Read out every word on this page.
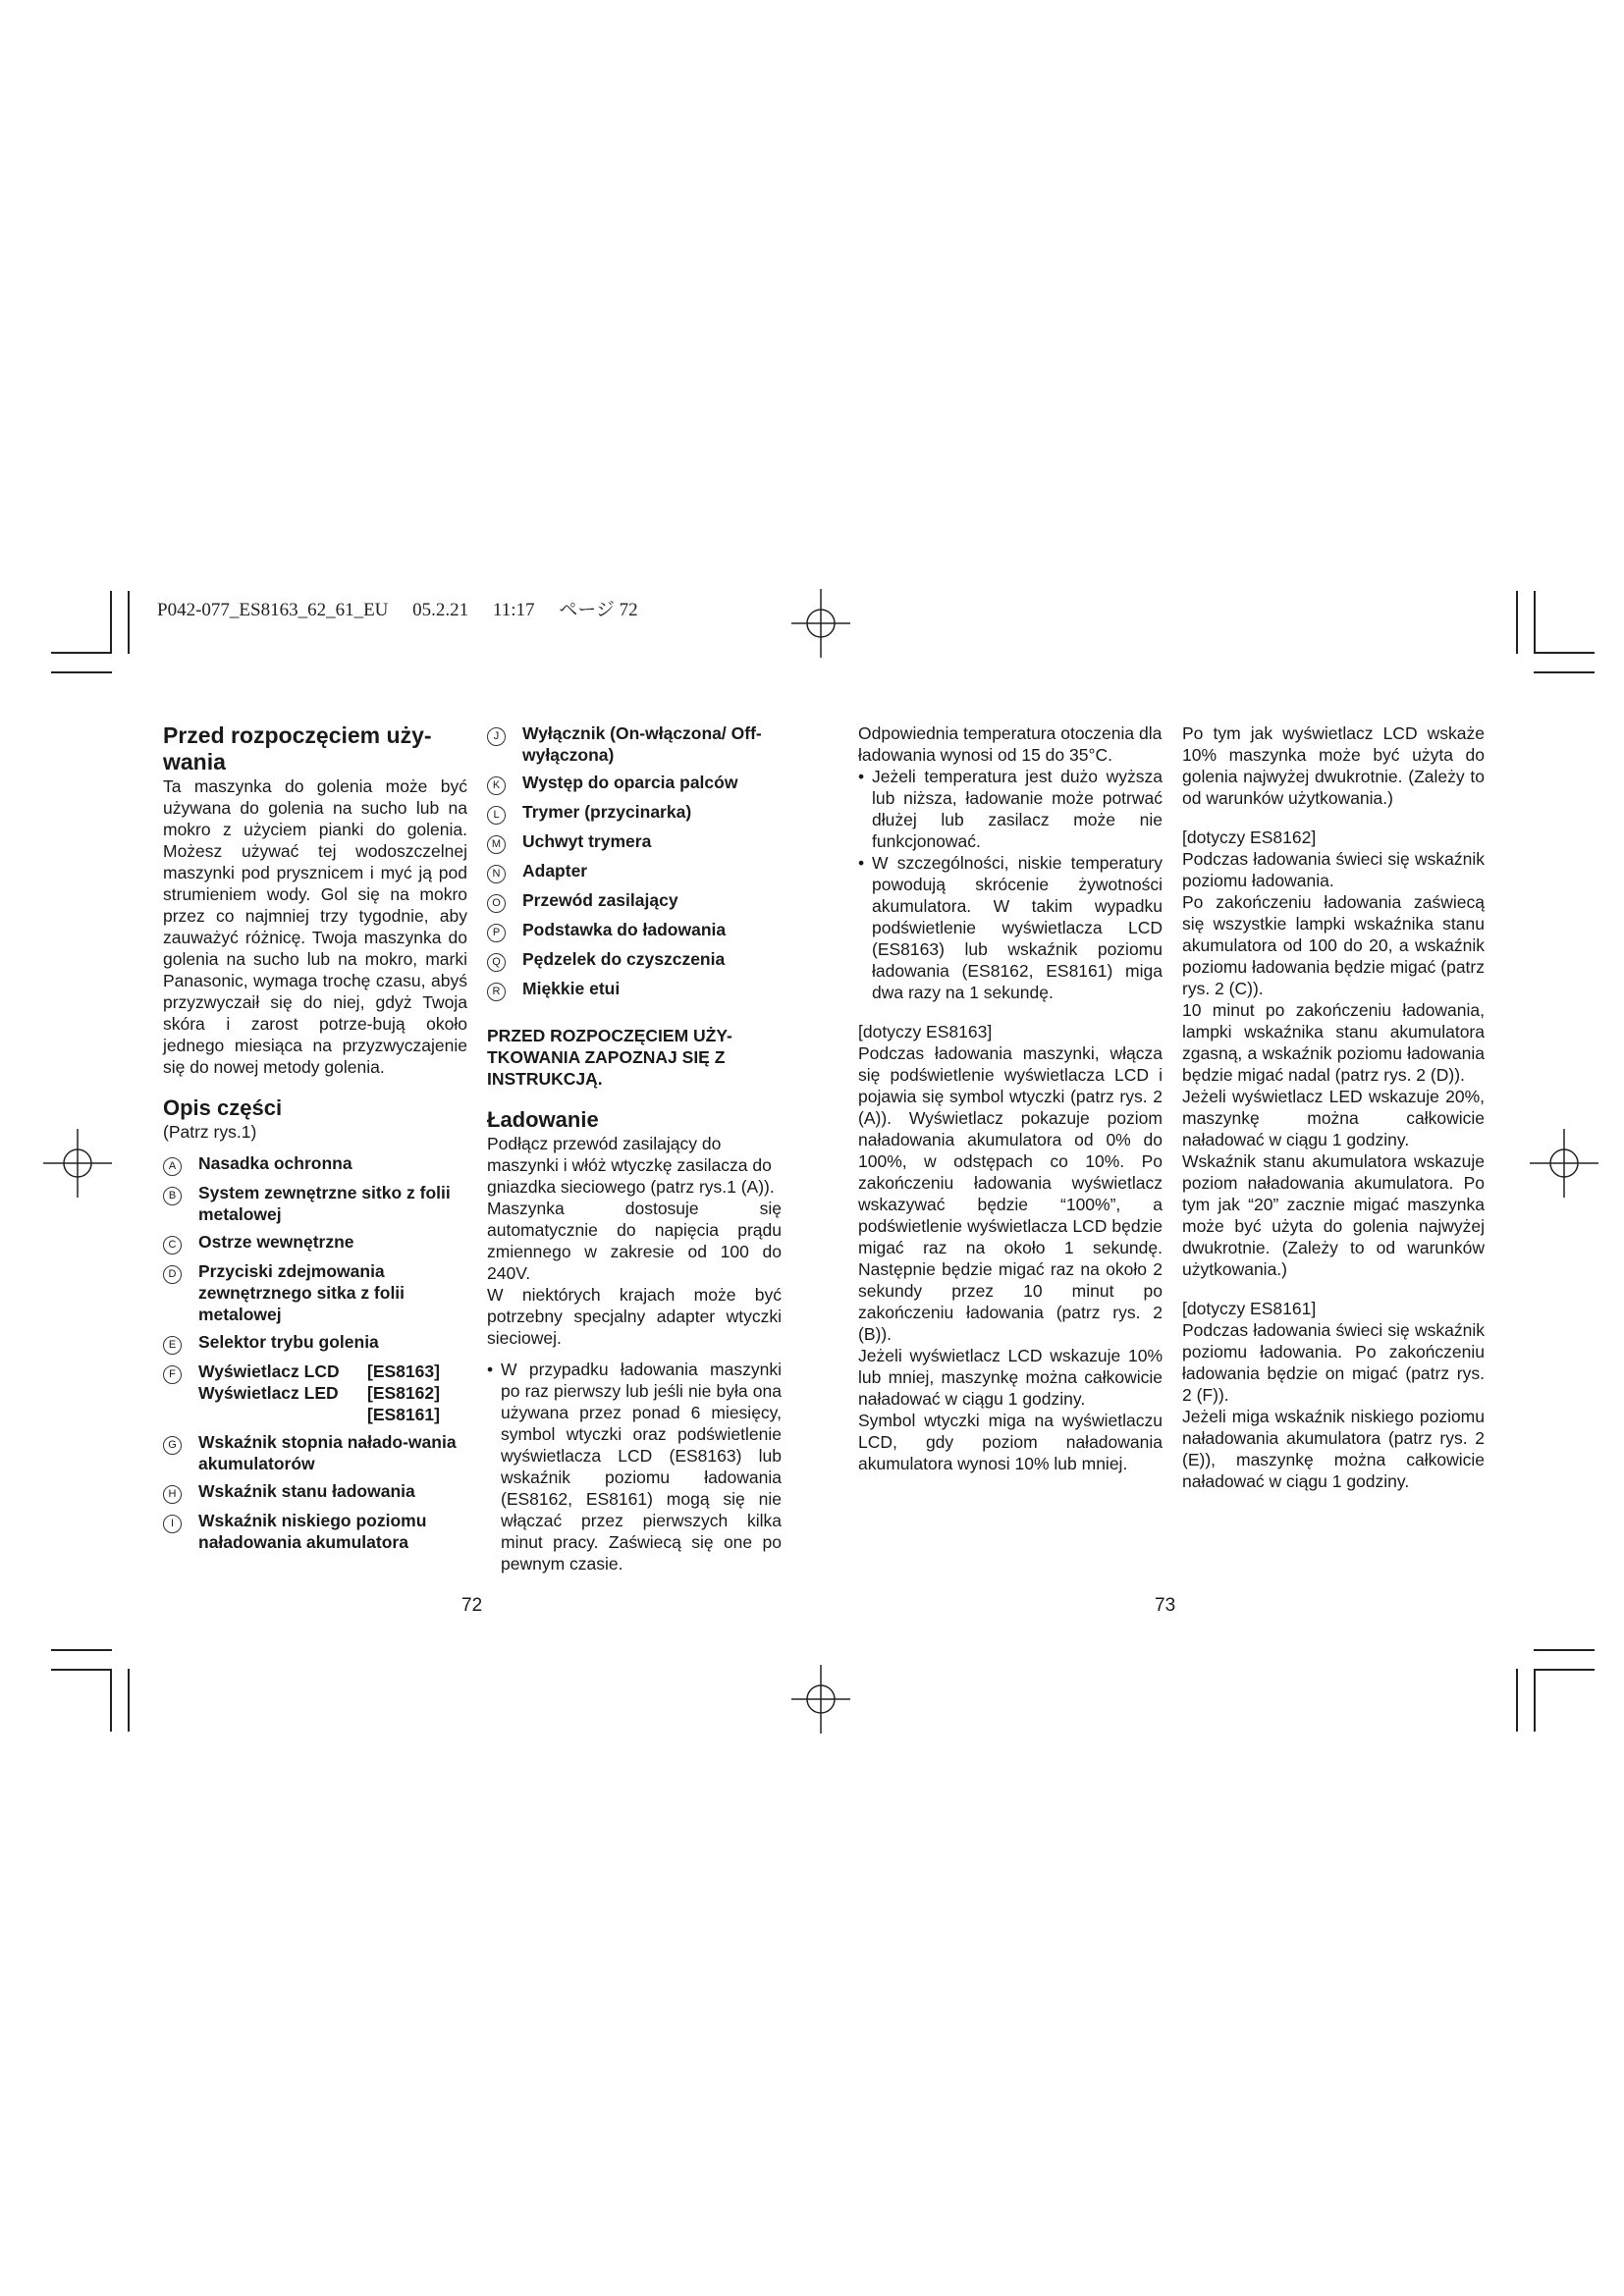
P042-077_ES8163_62_61_EU 05.2.21 11:17 ページ 72

Przed rozpoczęciem uży-
wania

Ta maszynka do golenia może być używana do golenia na sucho lub na mokro z użyciem pianki do golenia. Możesz używać tej wodoszczelnej maszynki pod prysznicem i myć ją pod strumieniem wody. Gol się na mokro przez co najmniej trzy tygodnie, aby zauważyć różnicę. Twoja maszynka do golenia na sucho lub na mokro, marki Panasonic, wymaga trochę czasu, abyś przyzwyczaił się do niej, gdyż Twoja skóra i zarost potrze-bują około jednego miesiąca na przyzwyczajenie się do nowej metody golenia.

Opis części

(Patrz rys.1)

A	Nasadka ochronna
B	System zewnętrzne sitko z folii metalowej
C	Ostrze wewnętrzne
D	Przyciski zdejmowania zewnętrznego sitka z folii metalowej
E	Selektor trybu golenia
F	Wyświetlacz LCD	[ES8163]
Wyświetlacz LED	[ES8162]
[ES8161]
G	Wskaźnik stopnia nałado-wania akumulatorów
H	Wskaźnik stanu ładowania
I	Wskaźnik niskiego poziomu naładowania akumulatora
J	Wyłącznik (On-włączona/ Off-wyłączona)
K	Występ do oparcia palców
L	Trymer (przycinarka)
M	Uchwyt trymera
N	Adapter
O	Przewód zasilający
P	Podstawka do ładowania
Q	Pędzelek do czyszczenia
R	Miękkie etui

PRZED ROZPOCZĘCIEM UŻY-TKOWANIA ZAPOZNAJ SIĘ Z INSTRUKCJĄ.

Ładowanie

Podłącz przewód zasilający do maszynki i włóż wtyczkę zasilacza do gniazdka sieciowego (patrz rys.1 (A)).

Maszynka dostosuje się automatycznie do napięcia prądu zmiennego w zakresie od 100 do 240V.

W niektórych krajach może być potrzebny specjalny adapter wtyczki sieciowej.

• W przypadku ładowania maszynki po raz pierwszy lub jeśli nie była ona używana przez ponad 6 miesięcy, symbol wtyczki oraz podświetlenie wyświetlacza LCD (ES8163) lub wskaźnik poziomu ładowania (ES8162, ES8161) mogą się nie włączać przez pierwszych kilka minut pracy. Zaświecą się one po pewnym czasie.

Odpowiednia temperatura otoczenia dla ładowania wynosi od 15 do 35°C.

• Jeżeli temperatura jest dużo wyższa lub niższa, ładowanie może potrwać dłużej lub zasilacz może nie funkcjonować.
• W szczególności, niskie temperatury powodują skrócenie żywotności akumulatora. W takim wypadku podświetlenie wyświetlacza LCD (ES8163) lub wskaźnik poziomu ładowania (ES8162, ES8161) miga dwa razy na 1 sekundę.

[dotyczy ES8163]

Podczas ładowania maszynki, włącza się podświetlenie wyświetlacza LCD i pojawia się symbol wtyczki (patrz rys. 2 (A)). Wyświetlacz pokazuje poziom naładowania akumulatora od 0% do 100%, w odstępach co 10%. Po zakończeniu ładowania wyświetlacz wskazywać będzie “100%”, a podświetlenie wyświetlacza LCD będzie migać raz na około 1 sekundę. Następnie będzie migać raz na około 2 sekundy przez 10 minut po zakończeniu ładowania (patrz rys. 2 (B)).

Jeżeli wyświetlacz LCD wskazuje 10% lub mniej, maszynkę można całkowicie naładować w ciągu 1 godziny.

Symbol wtyczki miga na wyświetlaczu LCD, gdy poziom naładowania akumulatora wynosi 10% lub mniej.

Po tym jak wyświetlacz LCD wskaże 10% maszynka może być użyta do golenia najwyżej dwukrotnie. (Zależy to od warunków użytkowania.)

[dotyczy ES8162]

Podczas ładowania świeci się wskaźnik poziomu ładowania.

Po zakończeniu ładowania zaświecą się wszystkie lampki wskaźnika stanu akumulatora od 100 do 20, a wskaźnik poziomu ładowania będzie migać (patrz rys. 2 (C)).

10 minut po zakończeniu ładowania, lampki wskaźnika stanu akumulatora zgasną, a wskaźnik poziomu ładowania będzie migać nadal (patrz rys. 2 (D)).

Jeżeli wyświetlacz LED wskazuje 20%, maszynkę można całkowicie naładować w ciągu 1 godziny.

Wskaźnik stanu akumulatora wskazuje poziom naładowania akumulatora. Po tym jak “20” zacznie migać maszynka może być użyta do golenia najwyżej dwukrotnie. (Zależy to od warunków użytkowania.)

[dotyczy ES8161]

Podczas ładowania świeci się wskaźnik poziomu ładowania. Po zakończeniu ładowania będzie on migać (patrz rys. 2 (F)).

Jeżeli miga wskaźnik niskiego poziomu naładowania akumulatora (patrz rys. 2 (E)), maszynkę można całkowicie naładować w ciągu 1 godziny.

72	73
